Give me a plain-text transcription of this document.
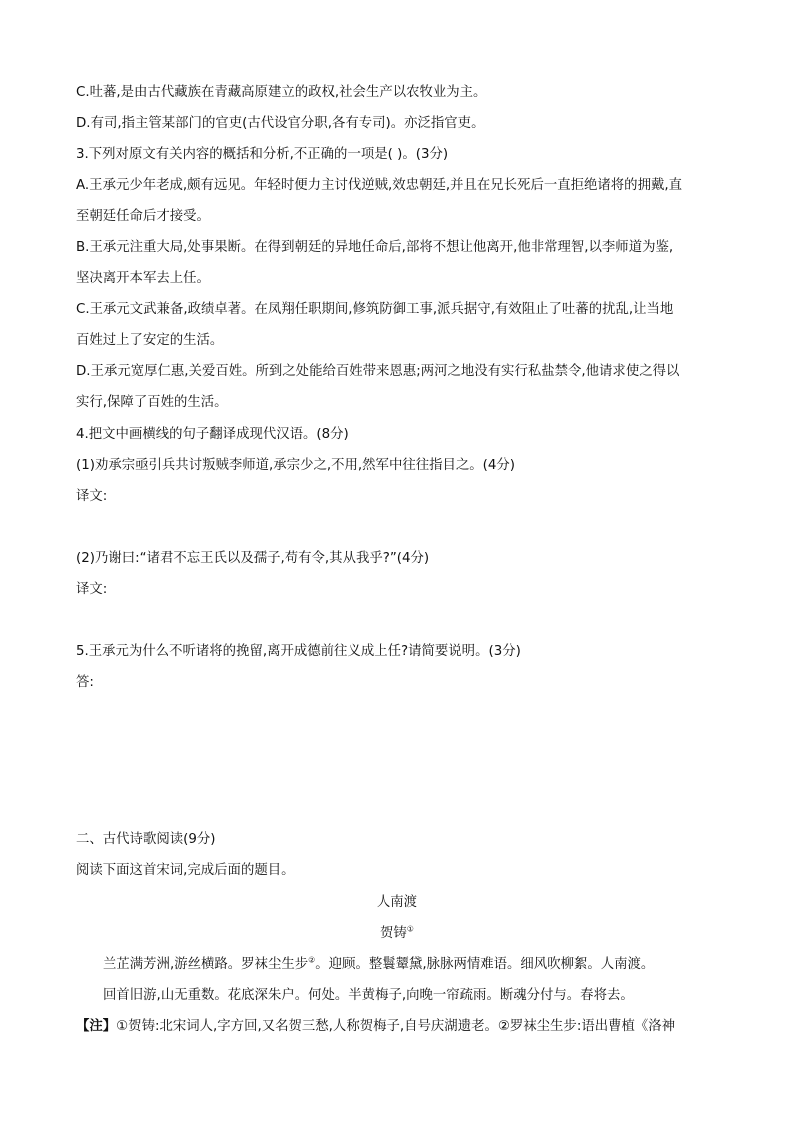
C.吐蕃,是由古代藏族在青藏高原建立的政权,社会生产以农牧业为主。
D.有司,指主管某部门的官吏(古代设官分职,各有专司)。亦泛指官吏。
3.下列对原文有关内容的概括和分析,不正确的一项是( )。(3分)
A.王承元少年老成,颇有远见。年轻时便力主讨伐逆贼,效忠朝廷,并且在兄长死后一直拒绝诸将的拥戴,直
至朝廷任命后才接受。
B.王承元注重大局,处事果断。在得到朝廷的异地任命后,部将不想让他离开,他非常理智,以李师道为鉴,
坚决离开本军去上任。
C.王承元文武兼备,政绩卓著。在凤翔任职期间,修筑防御工事,派兵据守,有效阻止了吐蕃的扰乱,让当地
百姓过上了安定的生活。
D.王承元宽厚仁惠,关爱百姓。所到之处能给百姓带来恩惠;两河之地没有实行私盐禁令,他请求使之得以
实行,保障了百姓的生活。
4.把文中画横线的句子翻译成现代汉语。(8分)
(1)劝承宗亟引兵共讨叛贼李师道,承宗少之,不用,然军中往往指目之。(4分)
译文:
(2)乃谢曰:“诸君不忘王氏以及孺子,苟有令,其从我乎?”(4分)
译文:
5.王承元为什么不听诸将的挽留,离开成德前往义成上任?请简要说明。(3分)
答:
二、古代诗歌阅读(9分)
阅读下面这首宋词,完成后面的题目。
人南渡
贺铸①
兰芷满芳洲,游丝横路。罗袜尘生步②。迎顾。整鬟颦黛,脉脉两情难语。细风吹柳絮。人南渡。
回首旧游,山无重数。花底深朱户。何处。半黄梅子,向晚一帘疏雨。断魂分付与。春将去。
【注】①贺铸:北宋词人,字方回,又名贺三愁,人称贺梅子,自号庆湖遗老。②罗袜尘生步:语出曹植《洛神
